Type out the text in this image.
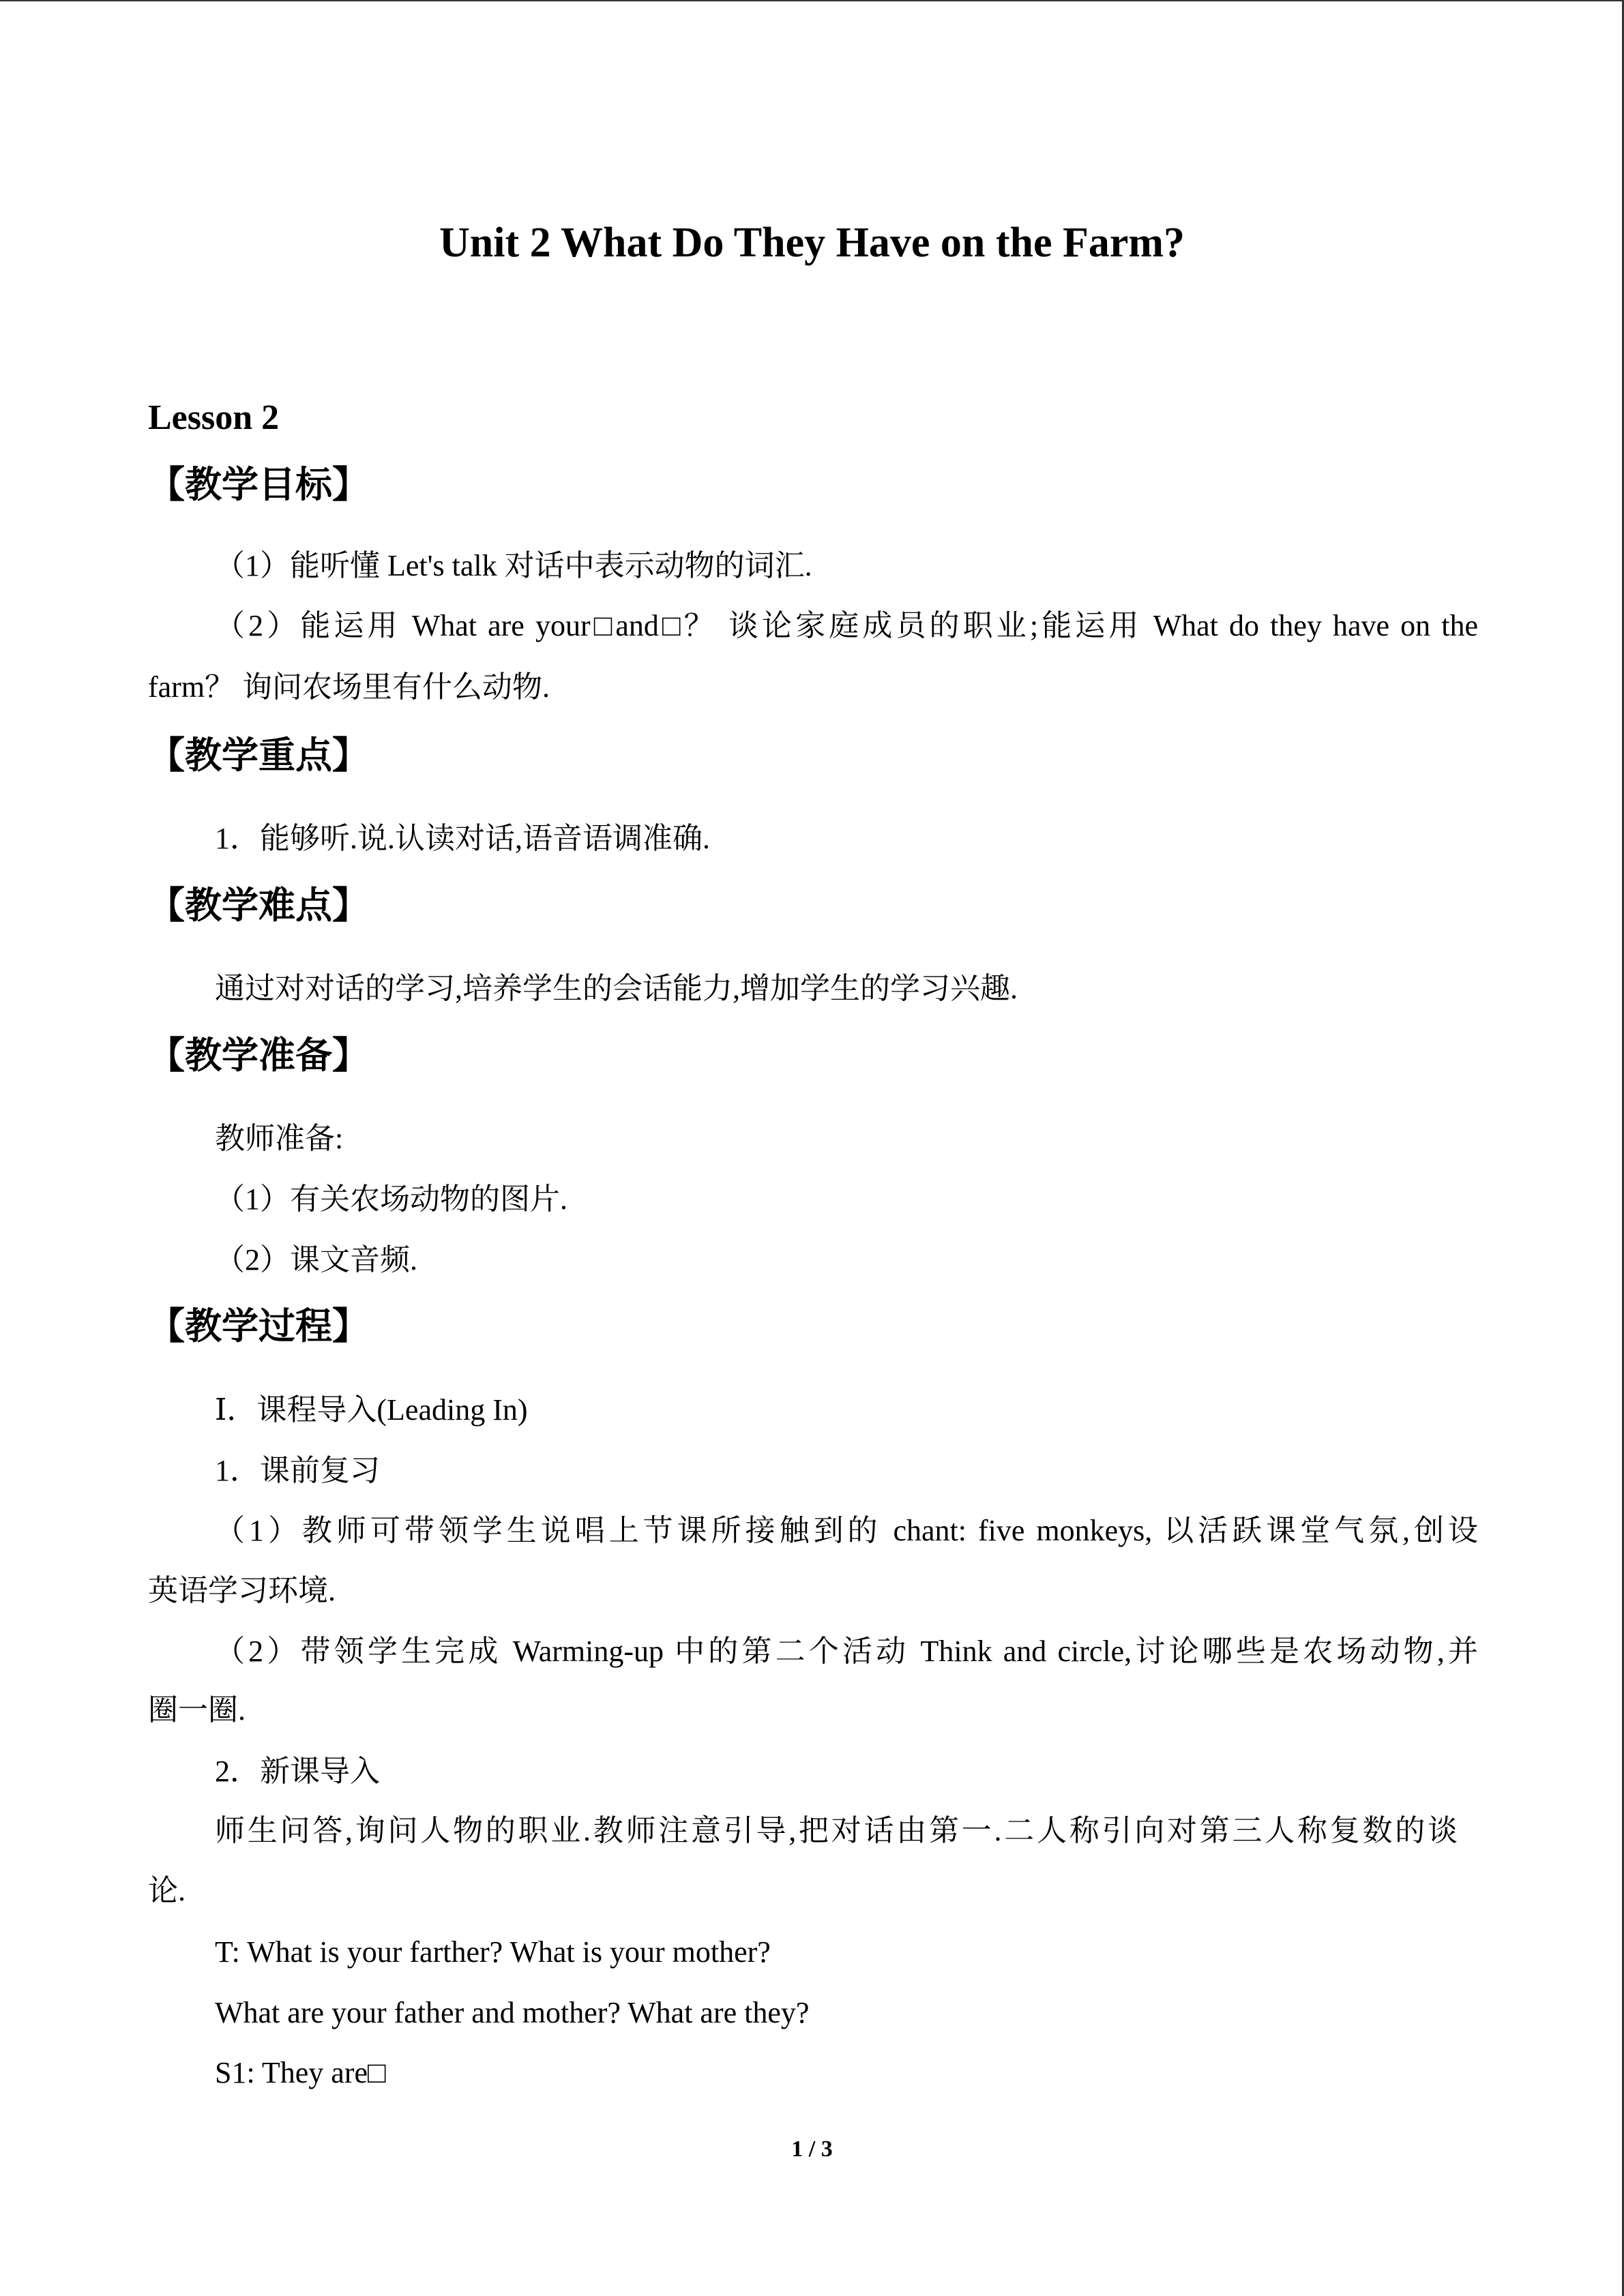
Unit 2 What Do They Have on the Farm?
Lesson 2
【教学目标】
（1）能听懂 Let's talk 对话中表示动物的词汇.
（2）能运用 What are your□and□？ 谈论家庭成员的职业;能运用 What do they have on the
farm？ 询问农场里有什么动物.
【教学重点】
1．能够听.说.认读对话,语音语调准确.
【教学难点】
通过对对话的学习,培养学生的会话能力,增加学生的学习兴趣.
【教学准备】
教师准备:
（1）有关农场动物的图片.
（2）课文音频.
【教学过程】
Ⅰ．课程导入(Leading In)
1．课前复习
（1）教师可带领学生说唱上节课所接触到的 chant: five monkeys, 以活跃课堂气氛,创设
英语学习环境.
（2）带领学生完成 Warming-up 中的第二个活动 Think and circle,讨论哪些是农场动物,并
圈一圈.
2．新课导入
师生问答,询问人物的职业.教师注意引导,把对话由第一.二人称引向对第三人称复数的谈
论.
T: What is your farther? What is your mother?
What are your father and mother? What are they?
S1: They are□
1 / 3
